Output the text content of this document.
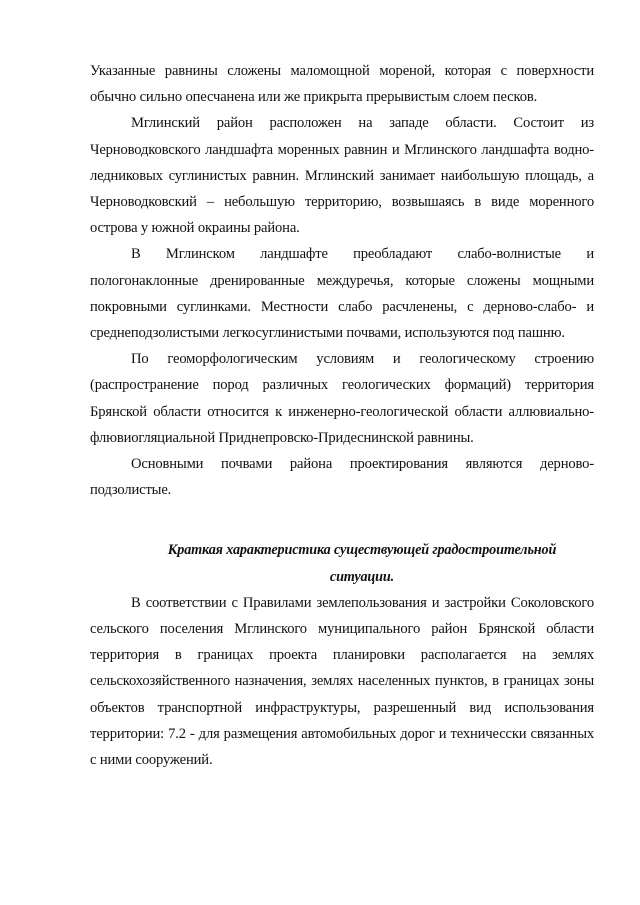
Указанные равнины сложены маломощной мореной, которая с поверхности обычно сильно опесчанена или же прикрыта прерывистым слоем песков.

Мглинский район расположен на западе области. Состоит из Черноводковского ландшафта моренных равнин и Мглинского ландшафта водно-ледниковых суглинистых равнин. Мглинский занимает наибольшую площадь, а Черноводковский – небольшую территорию, возвышаясь в виде моренного острова у южной окраины района.

В Мглинском ландшафте преобладают слабо-волнистые и пологонаклонные дренированные междуречья, которые сложены мощными покровными суглинками. Местности слабо расчленены, с дерново-слабо- и среднеподзолистыми легкосуглинистыми почвами, используются под пашню.

По геоморфологическим условиям и геологическому строению (распространение пород различных геологических формаций) территория Брянской области относится к инженерно-геологической области аллювиально-флювиогляциальной Приднепровско-Придеснинской равнины.

Основными почвами района проектирования являются дерново-подзолистые.

Краткая характеристика существующей градостроительной
ситуации.

В соответствии с Правилами землепользования и застройки Соколовского сельского поселения Мглинского муниципального район Брянской области территория в границах проекта планировки располагается на землях сельскохозяйственного назначения, землях населенных пунктов, в границах зоны объектов транспортной инфраструктуры, разрешенный вид использования территории: 7.2 - для размещения автомобильных дорог и техничесски связанных с ними сооружений.
